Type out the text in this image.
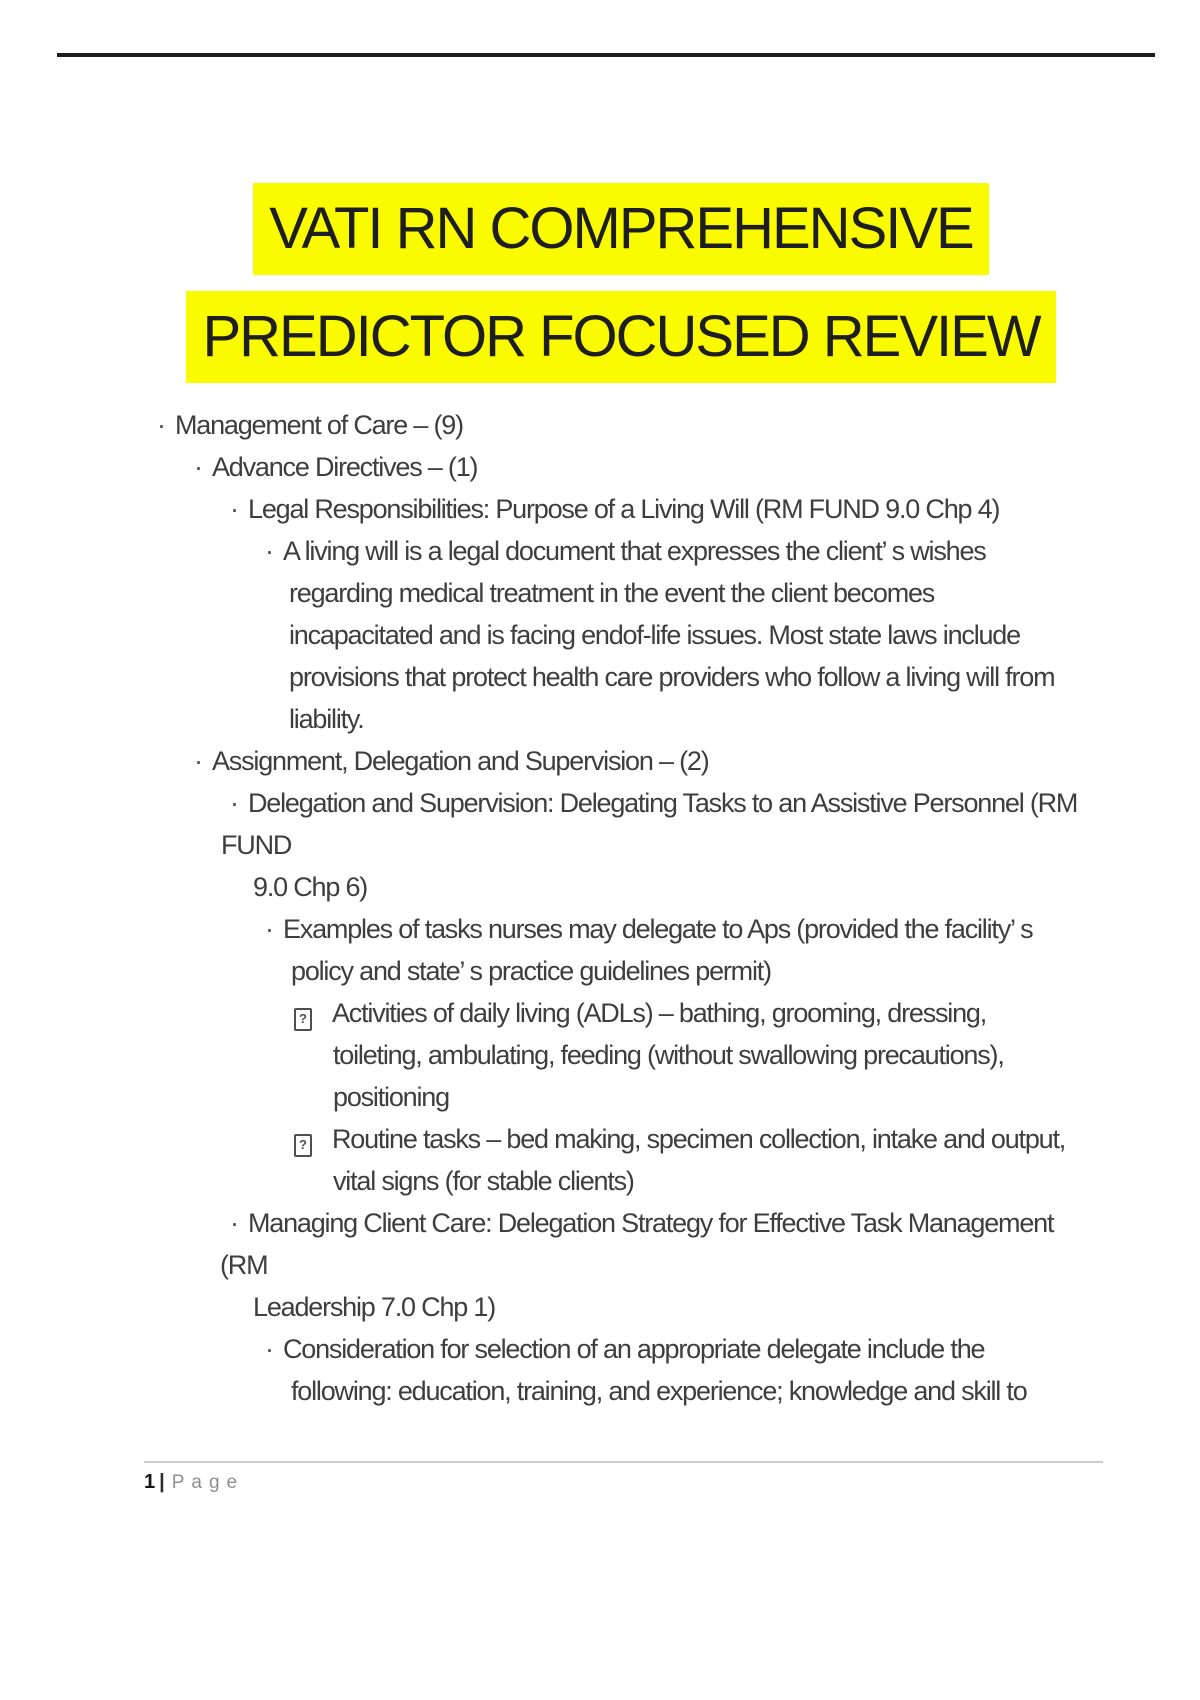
VATI RN COMPREHENSIVE
PREDICTOR FOCUSED REVIEW
· Management of Care – (9)
· Advance Directives – (1)
· Legal Responsibilities: Purpose of a Living Will (RM FUND 9.0 Chp 4)
· A living will is a legal document that expresses the client’ s wishes
regarding medical treatment in the event the client becomes
incapacitated and is facing endof-life issues. Most state laws include
provisions that protect health care providers who follow a living will from
liability.
· Assignment, Delegation and Supervision – (2)
· Delegation and Supervision: Delegating Tasks to an Assistive Personnel (RM
FUND
9.0 Chp 6)
· Examples of tasks nurses may delegate to Aps (provided the facility’ s
policy and state’ s practice guidelines permit)
? Activities of daily living (ADLs) – bathing, grooming, dressing,
toileting, ambulating, feeding (without swallowing precautions),
positioning
? Routine tasks – bed making, specimen collection, intake and output,
vital signs (for stable clients)
· Managing Client Care: Delegation Strategy for Effective Task Management
(RM
Leadership 7.0 Chp 1)
· Consideration for selection of an appropriate delegate include the
following: education, training, and experience; knowledge and skill to
1 | Page
